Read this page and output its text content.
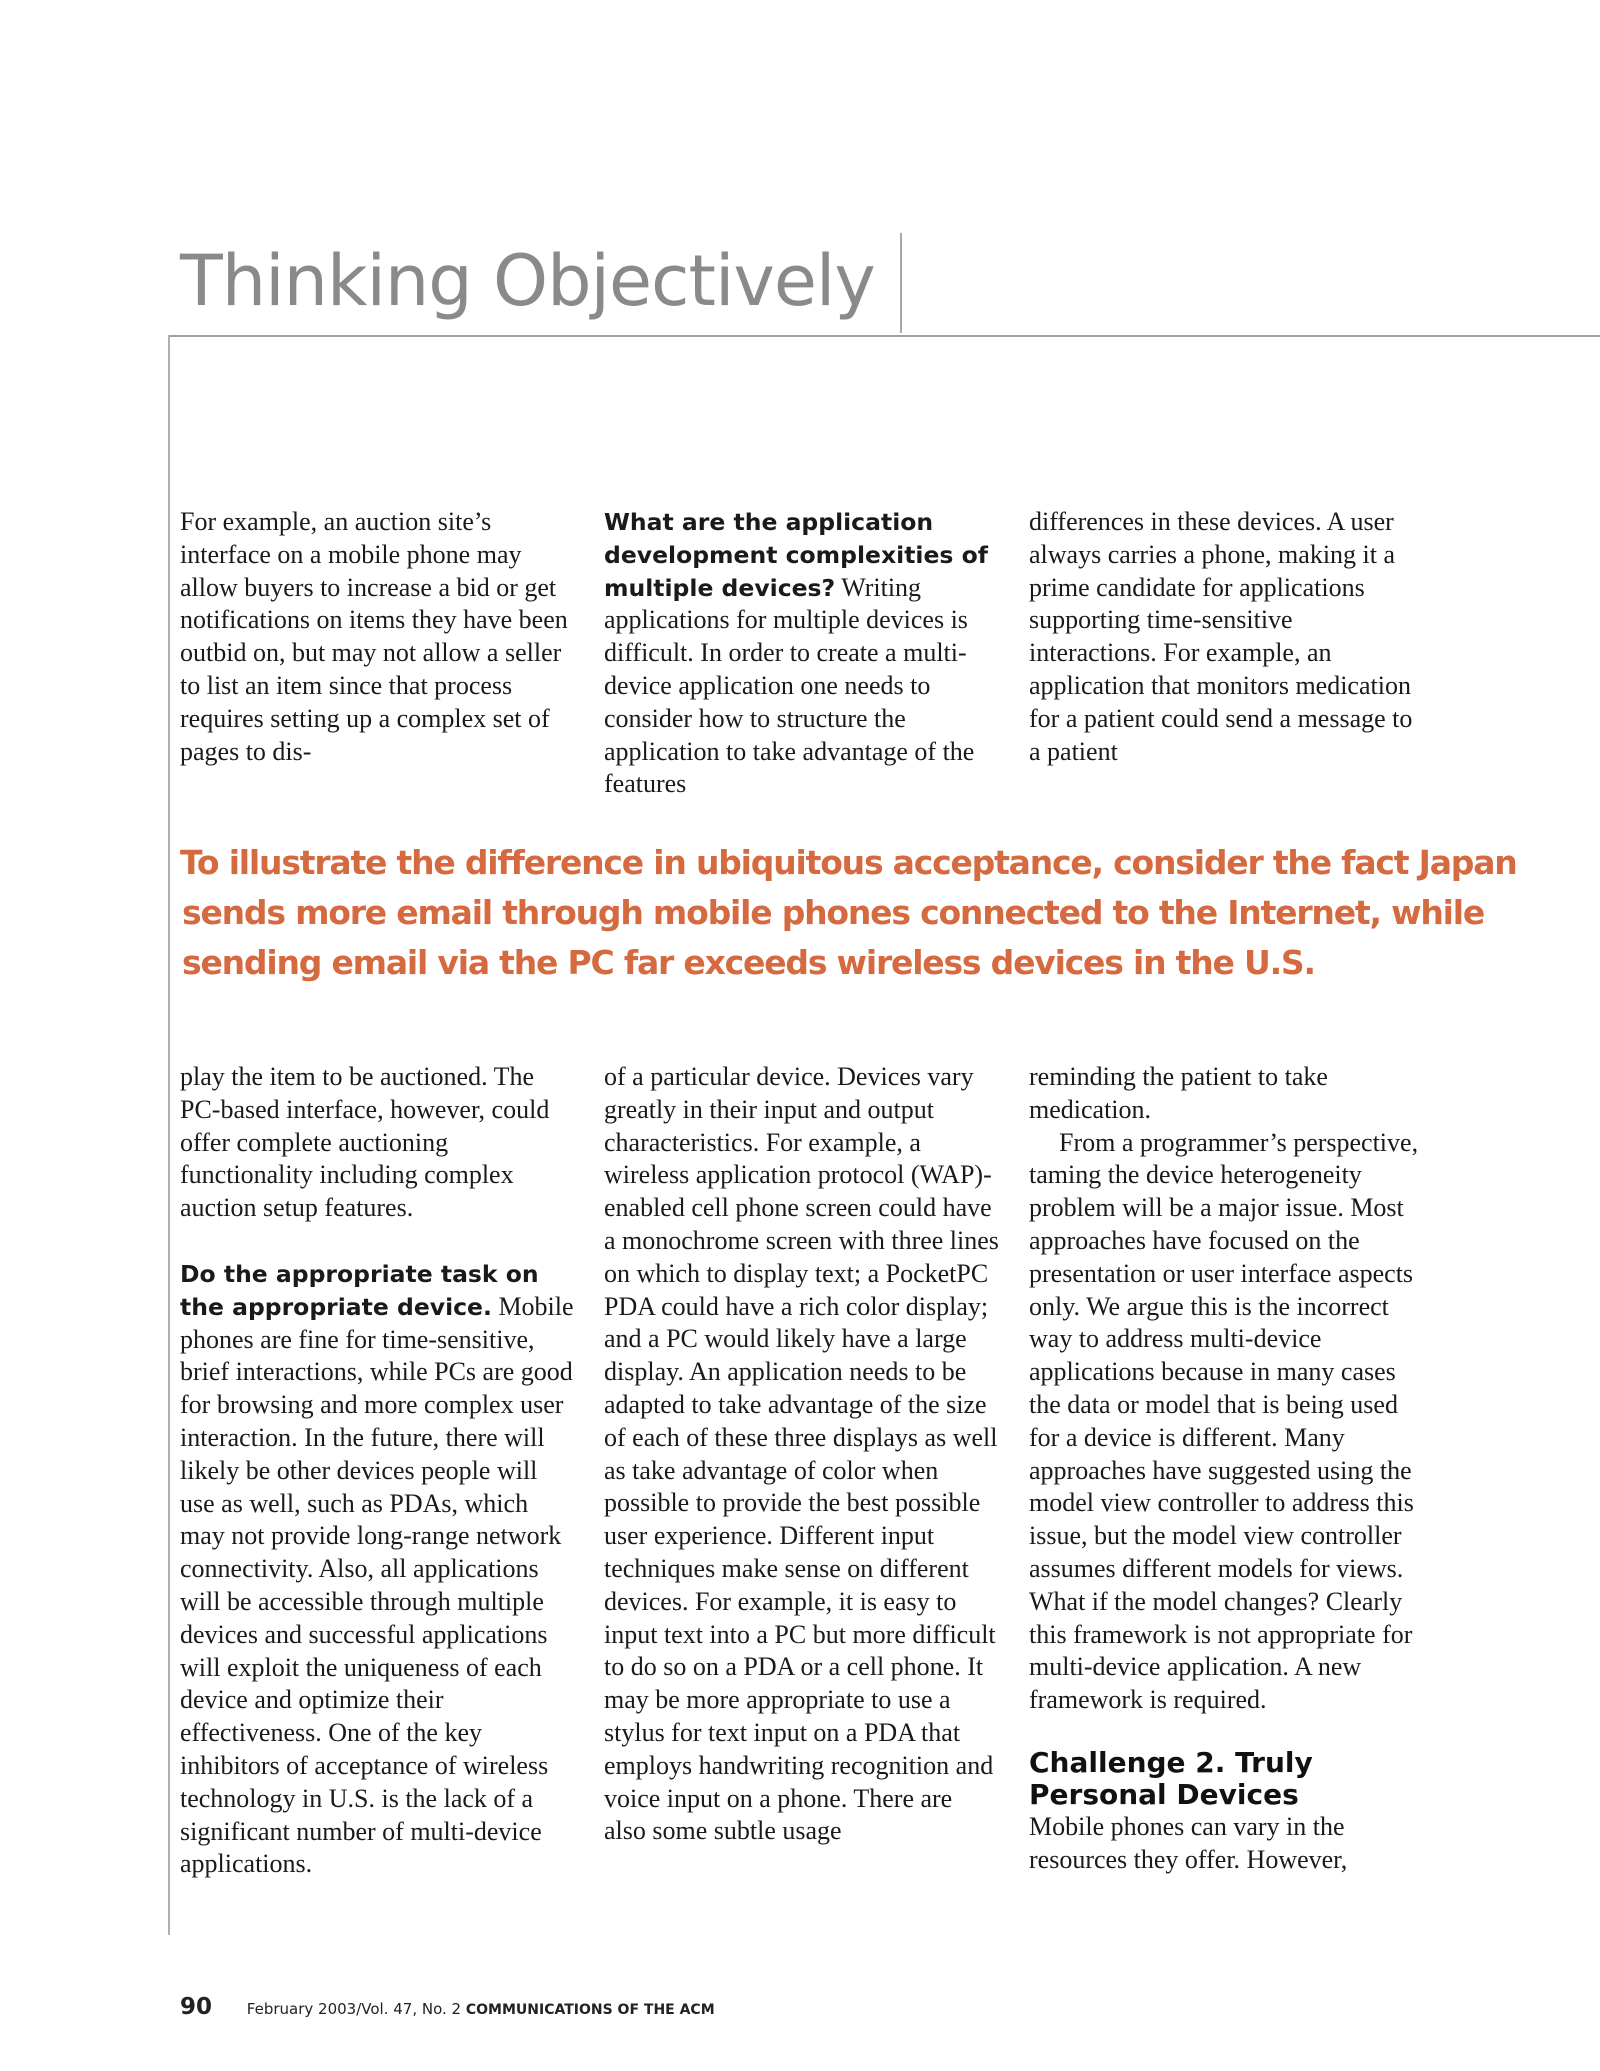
Thinking Objectively

For example, an auction site’s interface on a mobile phone may allow buyers to increase a bid or get notifications on items they have been outbid on, but may not allow a seller to list an item since that process requires setting up a complex set of pages to dis-

What are the application development complexities of multiple devices? Writing applications for multiple devices is difficult. In order to create a multi-device application one needs to consider how to structure the application to take advantage of the features

differences in these devices. A user always carries a phone, making it a prime candidate for applications supporting time-sensitive interactions. For example, an application that monitors medication for a patient could send a message to a patient

To illustrate the difference in ubiquitous acceptance, consider the fact Japan
sends more email through mobile phones connected to the Internet, while
sending email via the PC far exceeds wireless devices in the U.S.

play the item to be auctioned. The PC-based interface, however, could offer complete auctioning functionality including complex auction setup features.

Do the appropriate task on the appropriate device. Mobile phones are fine for time-sensitive, brief interactions, while PCs are good for browsing and more complex user interaction. In the future, there will likely be other devices people will use as well, such as PDAs, which may not provide long-range network connectivity. Also, all applications will be accessible through multiple devices and successful applications will exploit the uniqueness of each device and optimize their effectiveness. One of the key inhibitors of acceptance of wireless technology in U.S. is the lack of a significant number of multi-device applications.

of a particular device. Devices vary greatly in their input and output characteristics. For example, a wireless application protocol (WAP)-enabled cell phone screen could have a monochrome screen with three lines on which to display text; a PocketPC PDA could have a rich color display; and a PC would likely have a large display. An application needs to be adapted to take advantage of the size of each of these three displays as well as take advantage of color when possible to provide the best possible user experience. Different input techniques make sense on different devices. For example, it is easy to input text into a PC but more difficult to do so on a PDA or a cell phone. It may be more appropriate to use a stylus for text input on a PDA that employs handwriting recognition and voice input on a phone. There are also some subtle usage

reminding the patient to take medication.

From a programmer’s perspective, taming the device heterogeneity problem will be a major issue. Most approaches have focused on the presentation or user interface aspects only. We argue this is the incorrect way to address multi-device applications because in many cases the data or model that is being used for a device is different. Many approaches have suggested using the model view controller to address this issue, but the model view controller assumes different models for views. What if the model changes? Clearly this framework is not appropriate for multi-device application. A new framework is required.

Challenge 2. Truly Personal Devices

Mobile phones can vary in the resources they offer. However,

90 February 2003/Vol. 47, No. 2 COMMUNICATIONS OF THE ACM
